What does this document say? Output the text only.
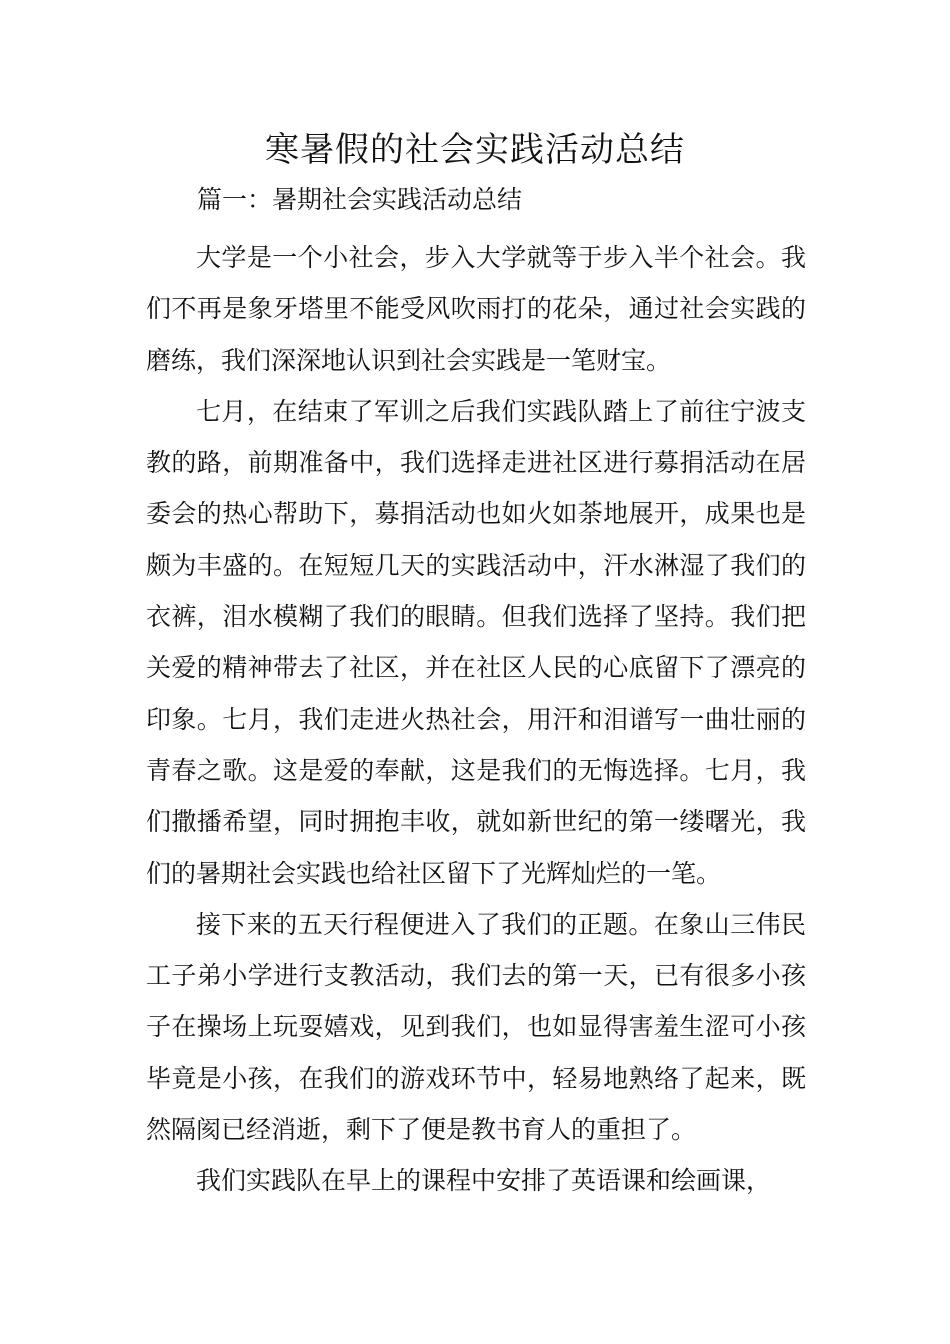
寒暑假的社会实践活动总结

篇一：暑期社会实践活动总结

大学是一个小社会，步入大学就等于步入半个社会。我们不再是象牙塔里不能受风吹雨打的花朵，通过社会实践的磨练，我们深深地认识到社会实践是一笔财宝。

七月，在结束了军训之后我们实践队踏上了前往宁波支教的路，前期准备中，我们选择走进社区进行募捐活动在居委会的热心帮助下，募捐活动也如火如荼地展开，成果也是颇为丰盛的。在短短几天的实践活动中，汗水淋湿了我们的衣裤，泪水模糊了我们的眼睛。但我们选择了坚持。我们把关爱的精神带去了社区，并在社区人民的心底留下了漂亮的印象。七月，我们走进火热社会，用汗和泪谱写一曲壮丽的青春之歌。这是爱的奉献，这是我们的无悔选择。七月，我们撒播希望，同时拥抱丰收，就如新世纪的第一缕曙光，我们的暑期社会实践也给社区留下了光辉灿烂的一笔。

接下来的五天行程便进入了我们的正题。在象山三伟民工子弟小学进行支教活动，我们去的第一天，已有很多小孩子在操场上玩耍嬉戏，见到我们，也如显得害羞生涩可小孩毕竟是小孩，在我们的游戏环节中，轻易地熟络了起来，既然隔阂已经消逝，剩下了便是教书育人的重担了。

我们实践队在早上的课程中安排了英语课和绘画课，
